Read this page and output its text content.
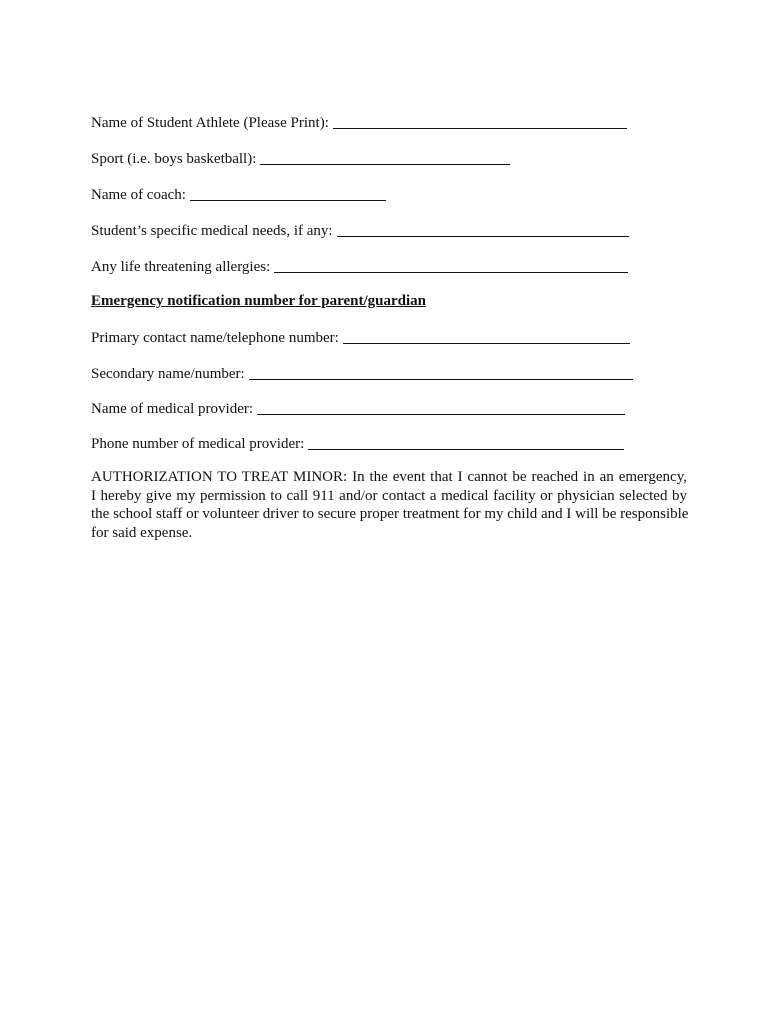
Name of Student Athlete (Please Print):
Sport (i.e. boys basketball):
Name of coach:
Student’s specific medical needs, if any:
Any life threatening allergies:
Emergency notification number for parent/guardian
Primary contact name/telephone number:
Secondary name/number:
Name of medical provider:
Phone number of medical provider:
AUTHORIZATION TO TREAT MINOR: In the event that I cannot be reached in an emergency,
I hereby give my permission to call 911 and/or contact a medical facility or physician selected by
the school staff or volunteer driver to secure proper treatment for my child and I will be responsible
for said expense.
